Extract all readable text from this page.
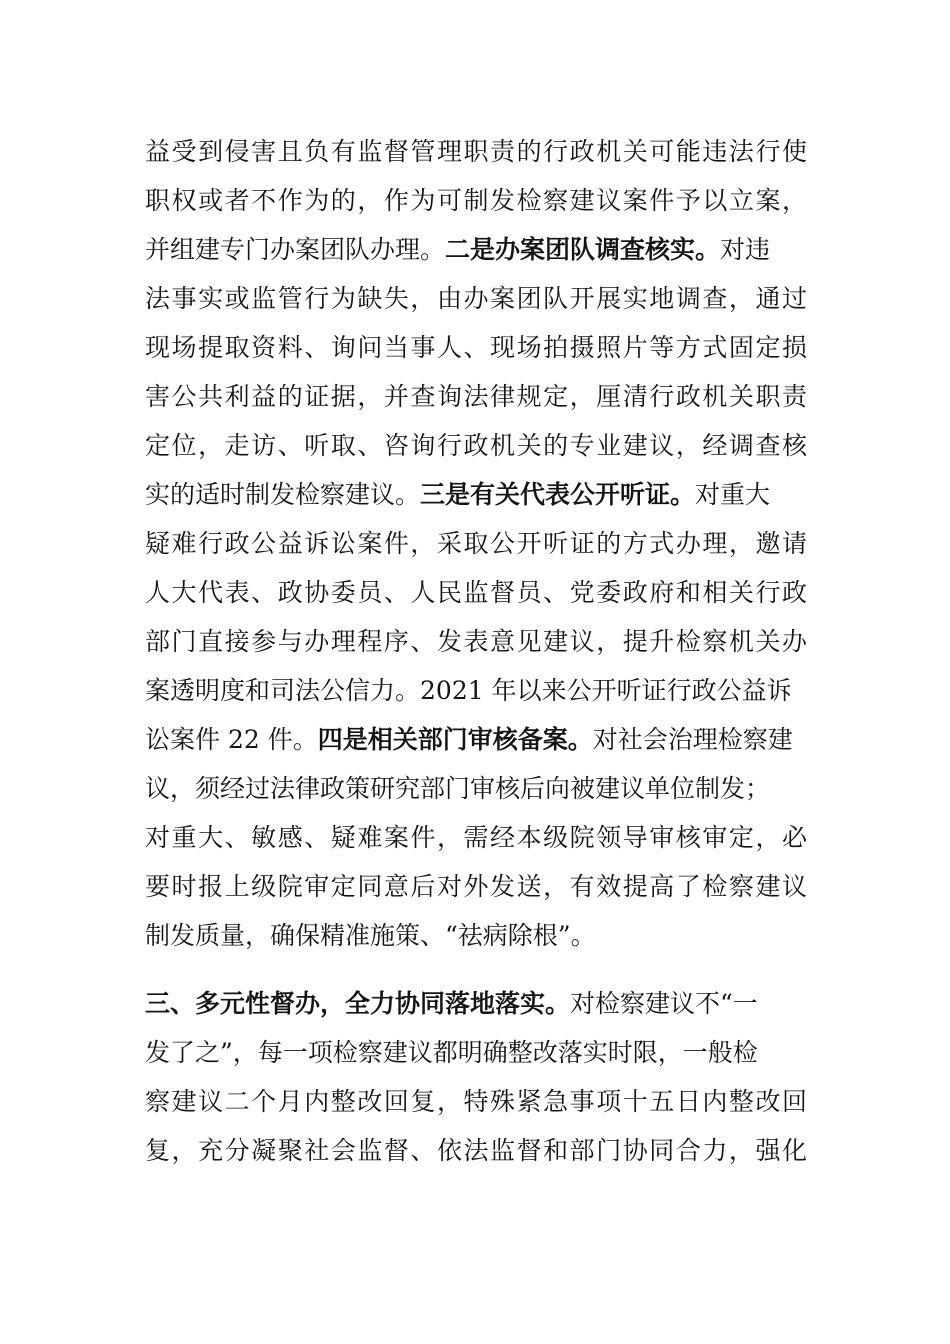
益受到侵害且负有监督管理职责的行政机关可能违法行使
职权或者不作为的，作为可制发检察建议案件予以立案，
并组建专门办案团队办理。二是办案团队调查核实。对违
法事实或监管行为缺失，由办案团队开展实地调查，通过
现场提取资料、询问当事人、现场拍摄照片等方式固定损
害公共利益的证据，并查询法律规定，厘清行政机关职责
定位，走访、听取、咨询行政机关的专业建议，经调查核
实的适时制发检察建议。三是有关代表公开听证。对重大
疑难行政公益诉讼案件，采取公开听证的方式办理，邀请
人大代表、政协委员、人民监督员、党委政府和相关行政
部门直接参与办理程序、发表意见建议，提升检察机关办
案透明度和司法公信力。2021 年以来公开听证行政公益诉
讼案件 22 件。四是相关部门审核备案。对社会治理检察建
议，须经过法律政策研究部门审核后向被建议单位制发；
对重大、敏感、疑难案件，需经本级院领导审核审定，必
要时报上级院审定同意后对外发送，有效提高了检察建议
制发质量，确保精准施策、“祛病除根”。
三、多元性督办，全力协同落地落实。对检察建议不“一
发了之”，每一项检察建议都明确整改落实时限，一般检
察建议二个月内整改回复，特殊紧急事项十五日内整改回
复，充分凝聚社会监督、依法监督和部门协同合力，强化
